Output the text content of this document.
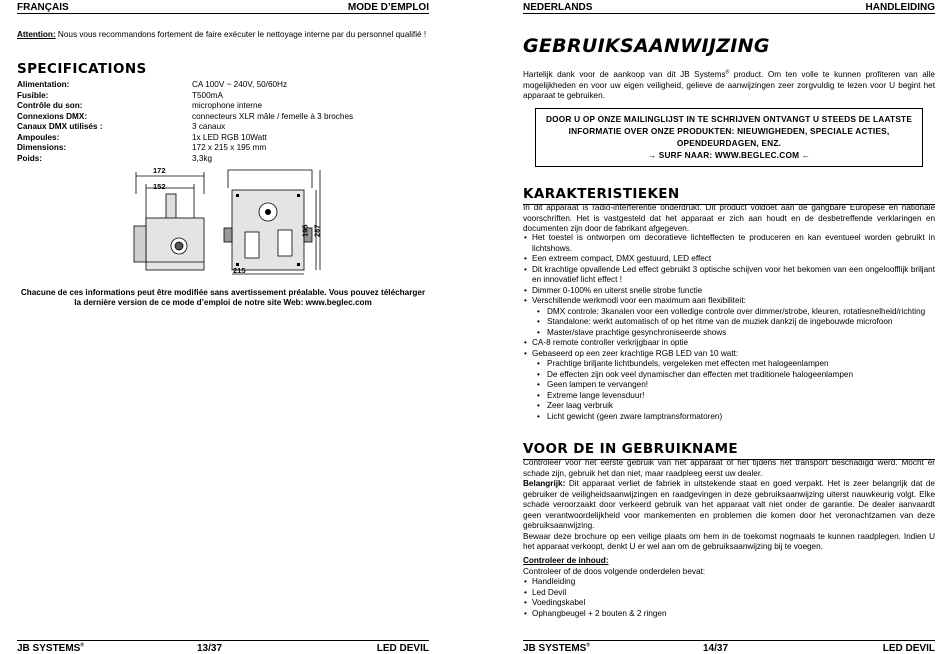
FRANÇAIS	MODE D’EMPLOI
Attention: Nous vous recommandons fortement de faire exécuter le nettoyage interne par du personnel qualifié !
SPECIFICATIONS
Alimentation:	CA 100V ~ 240V, 50/60Hz
Fusible:	T500mA
Contrôle du son:	microphone interne
Connexions DMX:	connecteurs XLR mâle / femelle à 3 broches
Canaux DMX utilisés :	3 canaux
Ampoules:	1x LED RGB 10Watt
Dimensions:	172 x 215 x 195 mm
Poids:	3,3kg
172
152
215
195 287
Chacune de ces informations peut être modifiée sans avertissement préalable. Vous pouvez télécharger la dernière version de ce mode d’emploi de notre site Web: www.beglec.com
JB SYSTEMS®	13/37	LED DEVIL
NEDERLANDS	HANDLEIDING
GEBRUIKSAANWIJZING
Hartelijk dank voor de aankoop van dit JB Systems® product. Om ten volle te kunnen profiteren van alle mogelijkheden en voor uw eigen veiligheid, gelieve de aanwijzingen zeer zorgvuldig te lezen voor U begint het apparaat te gebruiken.
DOOR U OP ONZE MAILINGLIJST IN TE SCHRIJVEN ONTVANGT U STEEDS DE LAATSTE INFORMATIE OVER ONZE PRODUKTEN: NIEUWIGHEDEN, SPECIALE ACTIES, OPENDEURDAGEN, ENZ.
→ SURF NAAR: WWW.BEGLEC.COM ←
KARAKTERISTIEKEN
In dit apparaat is radio-interferentie onderdrukt. Dit product voldoet aan de gangbare Europese en nationale voorschriften. Het is vastgesteld dat het apparaat er zich aan houdt en de desbetreffende verklaringen en documenten zijn door de fabrikant afgegeven.
• Het toestel is ontworpen om decoratieve lichteffecten te produceren en kan eventueel worden gebruikt in lichtshows.
• Een extreem compact, DMX gestuurd, LED effect
• Dit krachtige opvallende Led effect gebruikt 3 optische schijven voor het bekomen van een ongeloofflijk briljant en innovatief licht effect !
• Dimmer 0-100% en uiterst snelle strobe functie
• Verschillende werkmodi voor een maximum aan flexibiliteit:
• DMX controle: 3kanalen voor een volledige controle over dimmer/strobe, kleuren, rotatiesnelheid/richting
• Standalone: werkt automatisch of op het ritme van de muziek dankzij de ingebouwde microfoon
• Master/slave prachtige gesynchroniseerde shows
• CA-8 remote controller verkrijgbaar in optie
• Gebaseerd op een zeer krachtige RGB LED van 10 watt:
• Prachtige briljante lichtbundels, vergeleken met effecten met halogeenlampen
• De effecten zijn ook veel dynamischer dan effecten met traditionele halogeenlampen
• Geen lampen te vervangen!
• Extreme lange levensduur!
• Zeer laag verbruik
• Licht gewicht (geen zware lamptransformatoren)
VOOR DE IN GEBRUIKNAME
Controleer voor het eerste gebruik van het apparaat of het tijdens het transport beschadigd werd. Mocht er schade zijn, gebruik het dan niet, maar raadpleeg eerst uw dealer.
Belangrijk: Dit apparaat verliet de fabriek in uitstekende staat en goed verpakt. Het is zeer belangrijk dat de gebruiker de veiligheidsaanwijzingen en raadgevingen in deze gebruiksaanwijzing uiterst nauwkeurig volgt. Elke schade veroorzaakt door verkeerd gebruik van het apparaat valt niet onder de garantie. De dealer aanvaardt geen verantwoordelijkheid voor mankementen en problemen die komen door het veronachtzamen van deze gebruiksaanwijzing.
Bewaar deze brochure op een veilige plaats om hem in de toekomst nogmaals te kunnen raadplegen. Indien U het apparaat verkoopt, denkt U er wel aan om de gebruiksaanwijzing bij te voegen.
Controleer de inhoud:
Controleer of de doos volgende onderdelen bevat:
• Handleiding
• Led Devil
• Voedingskabel
• Ophangbeugel + 2 bouten & 2 ringen
JB SYSTEMS®	14/37	LED DEVIL
